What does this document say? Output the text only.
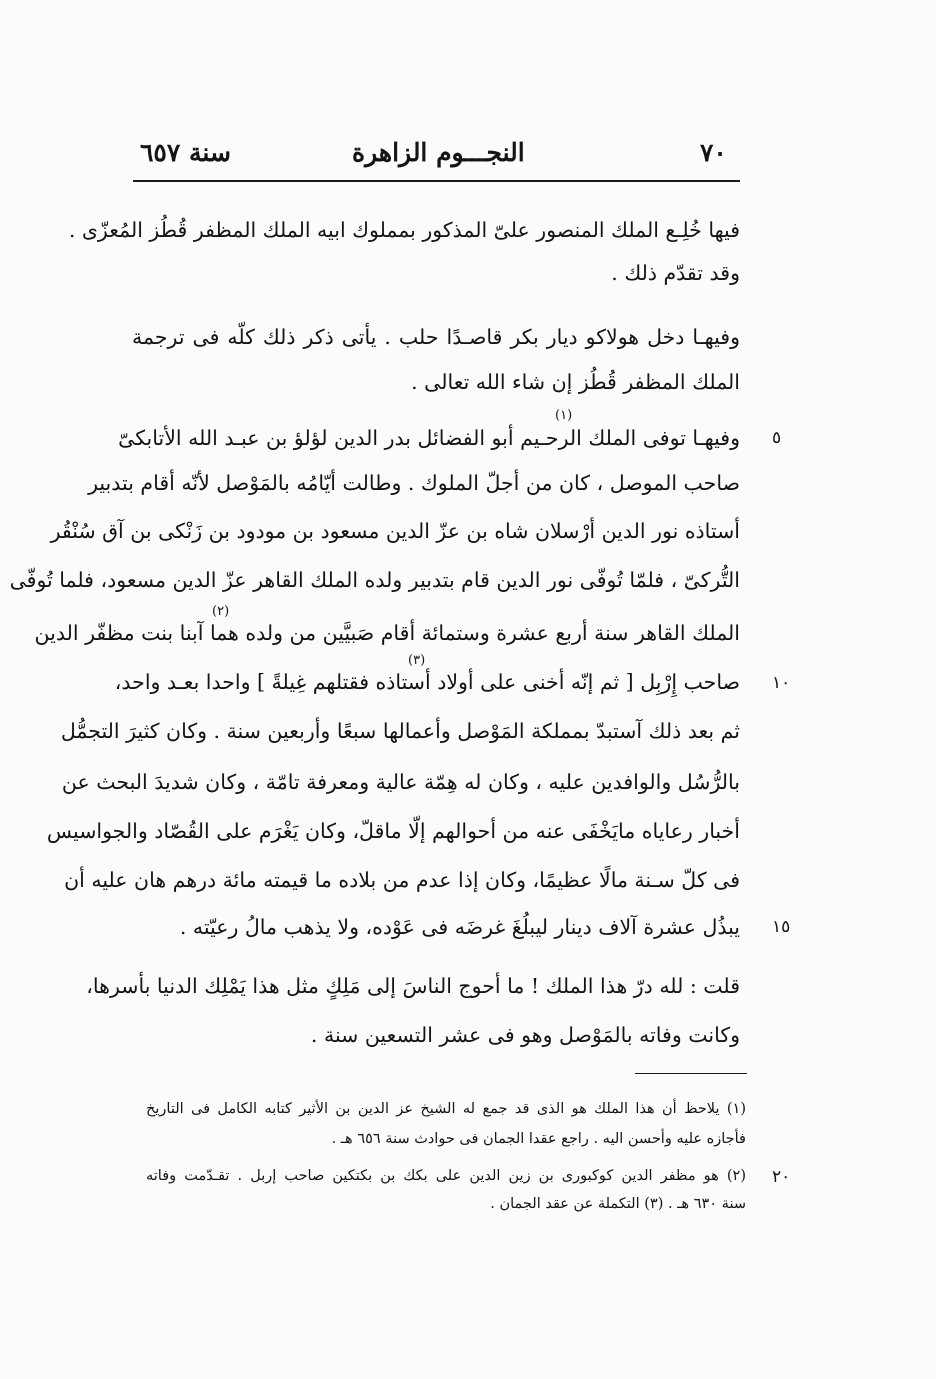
٧٠
النجـــوم الزاهرة
سنة ٦٥٧
فيها خُلِـع الملك المنصور علىّ المذكور بمملوك ابيه الملك المظفر قُطُز المُعزّى .
وقد تقدّم ذلك .
وفيهـا دخل هولاكو ديار بكر قاصـدًا حلب . يأتى ذكر ذلك كلّه فى ترجمة
الملك المظفر قُطُز إن شاء الله تعالى .
وفيهـا توفى الملك الرحـيم أبو الفضائل بدر الدين لؤلؤ بن عبـد الله الأتابكىّ
صاحب الموصل ، كان من أجلّ الملوك . وطالت أيّامُه بالمَوْصل لأنّه أقام بتدبير
أستاذه نور الدين أرْسلان شاه بن عزّ الدين مسعود بن مودود بن زَنْكى بن آق سُنْقُر
التُّركىّ ، فلمّا تُوفّى نور الدين قام بتدبير ولده الملك القاهر عزّ الدين مسعود، فلما تُوفّى
الملك القاهر سنة أربع عشرة وستمائة أقام صَبيَّين من ولده هما آبنا بنت مظفّر الدين
صاحب إِرْبِل [ ثم إنّه أخنى على أولاد أستاذه فقتلهم غِيلةً ] واحدا بعـد واحد،
ثم بعد ذلك آستبدّ بمملكة المَوْصل وأعمالها سبعًا وأربعين سنة . وكان كثيرَ التجمُّل
بالرُّسُل والوافدين عليه ، وكان له هِمّة عالية ومعرفة تامّة ، وكان شديدَ البحث عن
أخبار رعاياه مايَخْفَى عنه من أحوالهم إلّا ماقلّ، وكان يَغْرَم على القُصّاد والجواسيس
فى كلّ سـنة مالًا عظيمًا، وكان إذا عدم من بلاده ما قيمته مائة درهم هان عليه أن
يبذُل عشرة آلاف دينار ليبلُغَ غرضَه فى عَوْده، ولا يذهب مالُ رعيّته .
قلت : لله درّ هذا الملك ! ما أحوج الناسَ إلى مَلِكٍ مثل هذا يَمْلِك الدنيا بأسرها،
وكانت وفاته بالمَوْصل وهو فى عشر التسعين سنة .
(١)
(٢)
(٣)
٥
١٠
١٥
٢٠
(١) يلاحظ أن هذا الملك هو الذى قد جمع له الشيخ عز الدين بن الأثير كتابه الكامل فى التاريخ
فأجازه عليه وأحسن اليه . راجع عقدا الجمان فى حوادث سنة ٦٥٦ هـ .
(٢) هو مظفر الدين كوكبورى بن زين الدين على بكك بن بكتكين صاحب إربل . تقـدّمت وفاته
سنة ٦٣٠ هـ . (٣) التكملة عن عقد الجمان .
